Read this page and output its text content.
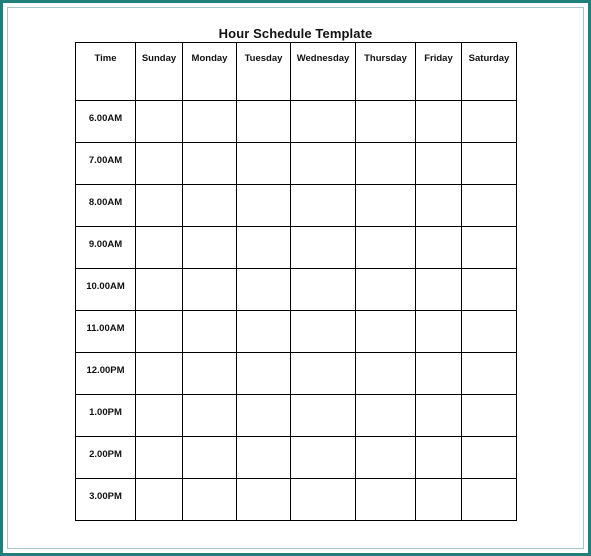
Hour Schedule Template
Time	Sunday	Monday	Tuesday	Wednesday	Thursday	Friday	Saturday
6.00AM							
7.00AM							
8.00AM							
9.00AM							
10.00AM							
11.00AM							
12.00PM							
1.00PM							
2.00PM							
3.00PM							
